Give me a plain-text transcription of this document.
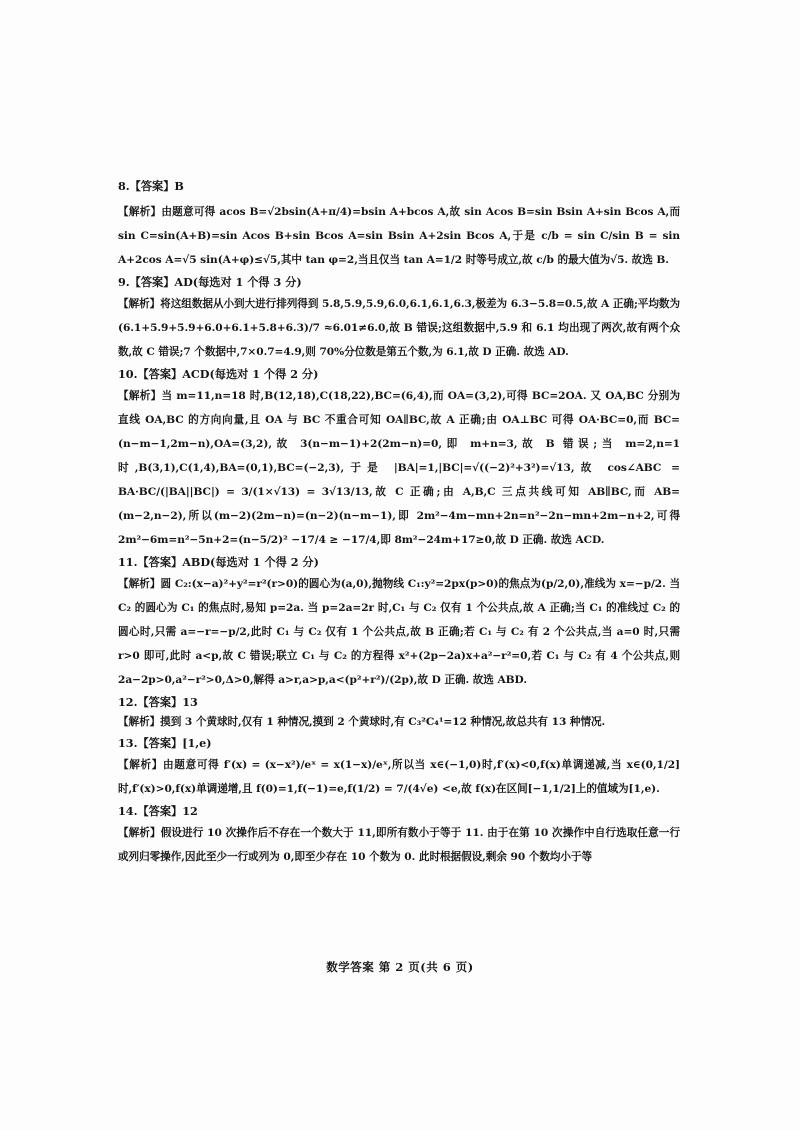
8.【答案】B
【解析】由题意可得 acos B=√2bsin(A+π/4)=bsin A+bcos A,故 sin Acos B=sin Bsin A+sin Bcos A,而 sin C=sin(A+B)=sin Acos B+sin Bcos A=sin Bsin A+2sin Bcos A,于是 c/b = sin C/sin B = sin A+2cos A=√5 sin(A+φ)≤√5,其中 tan φ=2,当且仅当 tan A=1/2 时等号成立,故 c/b 的最大值为√5. 故选 B.
9.【答案】AD(每选对 1 个得 3 分)
【解析】将这组数据从小到大进行排列得到 5.8,5.9,5.9,6.0,6.1,6.1,6.3,极差为 6.3−5.8=0.5,故 A 正确;平均数为 (6.1+5.9+5.9+6.0+6.1+5.8+6.3)/7 ≈6.01≠6.0,故 B 错误;这组数据中,5.9 和 6.1 均出现了两次,故有两个众数,故 C 错误;7 个数据中,7×0.7=4.9,则 70%分位数是第五个数,为 6.1,故 D 正确. 故选 AD.
10.【答案】ACD(每选对 1 个得 2 分)
【解析】当 m=11,n=18 时,B(12,18),C(18,22),BC=(6,4),而 OA=(3,2),可得 BC=2OA. 又 OA,BC 分别为直线 OA,BC 的方向向量,且 OA 与 BC 不重合可知 OA∥BC,故 A 正确;由 OA⊥BC 可得 OA·BC=0,而 BC=(n−m−1,2m−n),OA=(3,2),故 3(n−m−1)+2(2m−n)=0,即 m+n=3,故 B 错误;当 m=2,n=1 时,B(3,1),C(1,4),BA=(0,1),BC=(−2,3),于是 |BA|=1,|BC|=√((−2)²+3²)=√13,故 cos∠ABC = BA·BC/(|BA||BC|) = 3/(1×√13) = 3√13/13,故 C 正确;由 A,B,C 三点共线可知 AB∥BC,而 AB=(m−2,n−2),所以(m−2)(2m−n)=(n−2)(n−m−1),即 2m²−4m−mn+2n=n²−2n−mn+2m−n+2,可得 2m²−6m=n²−5n+2=(n−5/2)² −17/4 ≥ −17/4,即 8m²−24m+17≥0,故 D 正确. 故选 ACD.
11.【答案】ABD(每选对 1 个得 2 分)
【解析】圆 C₂:(x−a)²+y²=r²(r>0)的圆心为(a,0),抛物线 C₁:y²=2px(p>0)的焦点为(p/2,0),准线为 x=−p/2. 当 C₂ 的圆心为 C₁ 的焦点时,易知 p=2a. 当 p=2a=2r 时,C₁ 与 C₂ 仅有 1 个公共点,故 A 正确;当 C₁ 的准线过 C₂ 的圆心时,只需 a=−r=−p/2,此时 C₁ 与 C₂ 仅有 1 个公共点,故 B 正确;若 C₁ 与 C₂ 有 2 个公共点,当 a=0 时,只需 r>0 即可,此时 a<p,故 C 错误;联立 C₁ 与 C₂ 的方程得 x²+(2p−2a)x+a²−r²=0,若 C₁ 与 C₂ 有 4 个公共点,则 2a−2p>0,a²−r²>0,Δ>0,解得 a>r,a>p,a<(p²+r²)/(2p),故 D 正确. 故选 ABD.
12.【答案】13
【解析】摸到 3 个黄球时,仅有 1 种情况,摸到 2 个黄球时,有 C₃²C₄¹=12 种情况,故总共有 13 种情况.
13.【答案】[1,e)
【解析】由题意可得 f′(x) = (x−x²)/eˣ = x(1−x)/eˣ,所以当 x∈(−1,0)时,f′(x)<0,f(x)单调递减,当 x∈(0,1/2]时,f′(x)>0,f(x)单调递增,且 f(0)=1,f(−1)=e,f(1/2) = 7/(4√e) <e,故 f(x)在区间[−1,1/2]上的值域为[1,e).
14.【答案】12
【解析】假设进行 10 次操作后不存在一个数大于 11,即所有数小于等于 11. 由于在第 10 次操作中自行选取任意一行或列归零操作,因此至少一行或列为 0,即至少存在 10 个数为 0. 此时根据假设,剩余 90 个数均小于等
数学答案 第 2 页(共 6 页)
